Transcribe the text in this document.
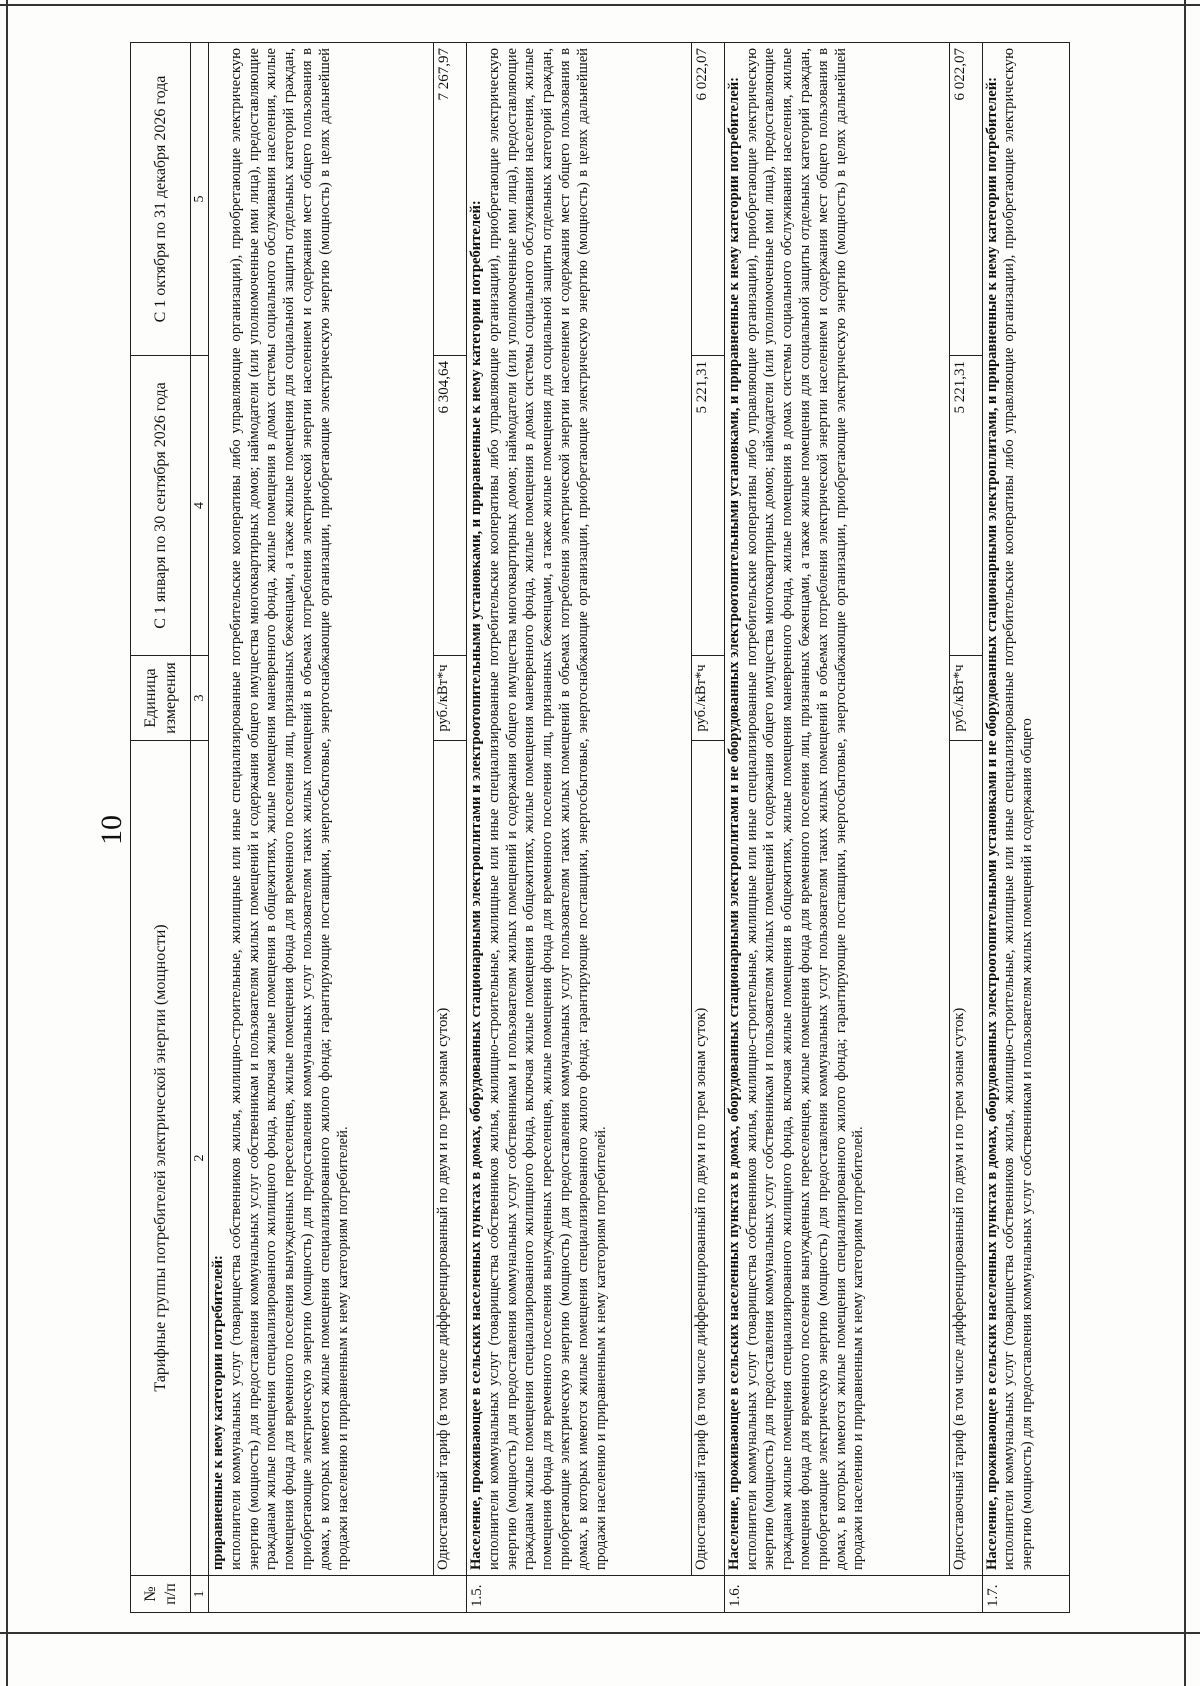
10
№ п/п	Тарифные группы потребителей электрической энергии (мощности)	Единица измерения	С 1 января по 30 сентября 2026 года	С 1 октября по 31 декабря 2026 года
1	2	3	4	5
	приравненные к нему категории потребителей: исполнители коммунальных услуг (товарищества собственников жилья, жилищно-строительные, жилищные или иные специализированные потребительские кооперативы либо управляющие организации), приобретающие электрическую энергию (мощность) для предоставления коммунальных услуг собственникам и пользователям жилых помещений и содержания общего имущества многоквартирных домов; наймодатели (или уполномоченные ими лица), предоставляющие гражданам жилые помещения специализированного жилищного фонда, включая жилые помещения в общежитиях, жилые помещения маневренного фонда, жилые помещения в домах системы социального обслуживания населения, жилые помещения фонда для временного поселения вынужденных переселенцев, жилые помещения фонда для временного поселения лиц, признанных беженцами, а также жилые помещения для социальной защиты отдельных категорий граждан, приобретающие электрическую энергию (мощность) для предоставления коммунальных услуг пользователям таких жилых помещений в объемах потребления электрической энергии населением и содержания мест общего пользования в домах, в которых имеются жилые помещения специализированного жилого фонда; гарантирующие поставщики, энергосбытовые, энергоснабжающие организации, приобретающие электрическую энергию (мощность) в целях дальнейшей продажи населению и приравненным к нему категориям потребителей.			

	Одноставочный тариф (в том числе дифференцированный по двум и по трем зонам суток)	руб./кВт*ч	6 304,64	7 267,97
1.5.	Население, проживающее в сельских населенных пунктах в домах, оборудованных стационарными электроплитами и электроотопительными установками, и приравненные к нему категории потребителей: исполнители коммунальных услуг (товарищества собственников жилья, жилищно-строительные, жилищные или иные специализированные потребительские кооперативы либо управляющие организации), приобретающие электрическую энергию (мощность) для предоставления коммунальных услуг собственникам и пользователям жилых помещений и содержания общего имущества многоквартирных домов; наймодатели (или уполномоченные ими лица), предоставляющие гражданам жилые помещения специализированного жилищного фонда, включая жилые помещения в общежитиях, жилые помещения маневренного фонда, жилые помещения в домах системы социального обслуживания населения, жилые помещения фонда для временного поселения вынужденных переселенцев, жилые помещения фонда для временного поселения лиц, признанных беженцами, а также жилые помещения для социальной защиты отдельных категорий граждан, приобретающие электрическую энергию (мощность) для предоставления коммунальных услуг пользователям таких жилых помещений в объемах потребления электрической энергии населением и содержания мест общего пользования в домах, в которых имеются жилые помещения специализированного жилого фонда; гарантирующие поставщики, энергосбытовые, энергоснабжающие организации, приобретающие электрическую энергию (мощность) в целях дальнейшей продажи населению и приравненным к нему категориям потребителей.			

	Одноставочный тариф (в том числе дифференцированный по двум и по трем зонам суток)	руб./кВт*ч	5 221,31	6 022,07
1.6.	Население, проживающее в сельских населенных пунктах в домах, оборудованных стационарными электроплитами и не оборудованных электроотопительными установками, и приравненные к нему категории потребителей: исполнители коммунальных услуг (товарищества собственников жилья, жилищно-строительные, жилищные или иные специализированные потребительские кооперативы либо управляющие организации), приобретающие электрическую энергию (мощность) для предоставления коммунальных услуг собственникам и пользователям жилых помещений и содержания общего имущества многоквартирных домов; наймодатели (или уполномоченные ими лица), предоставляющие гражданам жилые помещения специализированного жилищного фонда, включая жилые помещения в общежитиях, жилые помещения маневренного фонда, жилые помещения в домах системы социального обслуживания населения, жилые помещения фонда для временного поселения вынужденных переселенцев, жилые помещения фонда для временного поселения лиц, признанных беженцами, а также жилые помещения для социальной защиты отдельных категорий граждан, приобретающие электрическую энергию (мощность) для предоставления коммунальных услуг пользователям таких жилых помещений в объемах потребления электрической энергии населением и содержания мест общего пользования в домах, в которых имеются жилые помещения специализированного жилого фонда; гарантирующие поставщики, энергосбытовые, энергоснабжающие организации, приобретающие электрическую энергию (мощность) в целях дальнейшей продажи населению и приравненным к нему категориям потребителей.			

	Одноставочный тариф (в том числе дифференцированный по двум и по трем зонам суток)	руб./кВт*ч	5 221,31	6 022,07
1.7.	Население, проживающее в сельских населенных пунктах в домах, оборудованных электроотопительными установками и не оборудованных стационарными электроплитами, и приравненные к нему категории потребителей: исполнители коммунальных услуг (товарищества собственников жилья, жилищно-строительные, жилищные или иные специализированные потребительские кооперативы либо управляющие организации), приобретающие электрическую энергию (мощность) для предоставления коммунальных услуг собственникам и пользователям жилых помещений и содержания общего			
